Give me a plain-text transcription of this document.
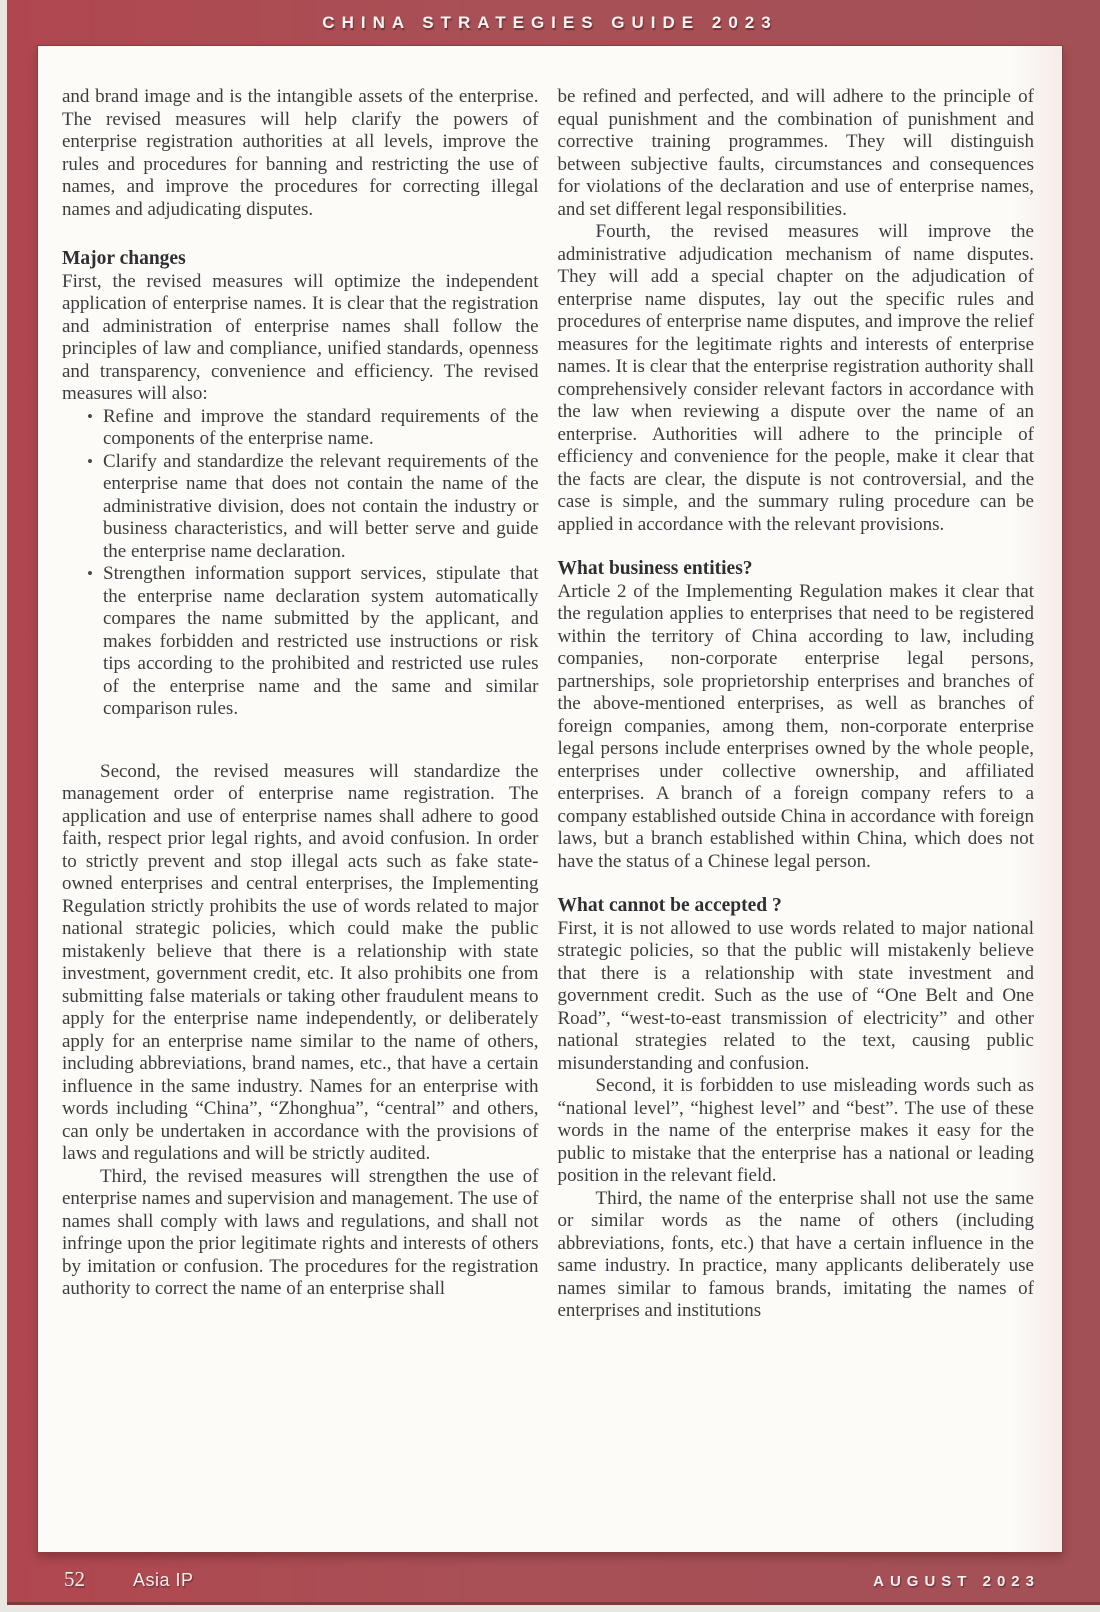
CHINA STRATEGIES GUIDE 2023

and brand image and is the intangible assets of the enterprise. The revised measures will help clarify the powers of enterprise registration authorities at all levels, improve the rules and procedures for banning and restricting the use of names, and improve the procedures for correcting illegal names and adjudicating disputes.

Major changes

First, the revised measures will optimize the independent application of enterprise names. It is clear that the registration and administration of enterprise names shall follow the principles of law and compliance, unified standards, openness and transparency, convenience and efficiency. The revised measures will also:

• Refine and improve the standard requirements of the components of the enterprise name.
• Clarify and standardize the relevant requirements of the enterprise name that does not contain the name of the administrative division, does not contain the industry or business characteristics, and will better serve and guide the enterprise name declaration.
• Strengthen information support services, stipulate that the enterprise name declaration system automatically compares the name submitted by the applicant, and makes forbidden and restricted use instructions or risk tips according to the prohibited and restricted use rules of the enterprise name and the same and similar comparison rules.

Second, the revised measures will standardize the management order of enterprise name registration. The application and use of enterprise names shall adhere to good faith, respect prior legal rights, and avoid confusion. In order to strictly prevent and stop illegal acts such as fake state-owned enterprises and central enterprises, the Implementing Regulation strictly prohibits the use of words related to major national strategic policies, which could make the public mistakenly believe that there is a relationship with state investment, government credit, etc. It also prohibits one from submitting false materials or taking other fraudulent means to apply for the enterprise name independently, or deliberately apply for an enterprise name similar to the name of others, including abbreviations, brand names, etc., that have a certain influence in the same industry. Names for an enterprise with words including “China”, “Zhonghua”, “central” and others, can only be undertaken in accordance with the provisions of laws and regulations and will be strictly audited.

Third, the revised measures will strengthen the use of enterprise names and supervision and management. The use of names shall comply with laws and regulations, and shall not infringe upon the prior legitimate rights and interests of others by imitation or confusion. The procedures for the registration authority to correct the name of an enterprise shall

be refined and perfected, and will adhere to the principle of equal punishment and the combination of punishment and corrective training programmes. They will distinguish between subjective faults, circumstances and consequences for violations of the declaration and use of enterprise names, and set different legal responsibilities.

Fourth, the revised measures will improve the administrative adjudication mechanism of name disputes. They will add a special chapter on the adjudication of enterprise name disputes, lay out the specific rules and procedures of enterprise name disputes, and improve the relief measures for the legitimate rights and interests of enterprise names. It is clear that the enterprise registration authority shall comprehensively consider relevant factors in accordance with the law when reviewing a dispute over the name of an enterprise. Authorities will adhere to the principle of efficiency and convenience for the people, make it clear that the facts are clear, the dispute is not controversial, and the case is simple, and the summary ruling procedure can be applied in accordance with the relevant provisions.

What business entities?

Article 2 of the Implementing Regulation makes it clear that the regulation applies to enterprises that need to be registered within the territory of China according to law, including companies, non-corporate enterprise legal persons, partnerships, sole proprietorship enterprises and branches of the above-mentioned enterprises, as well as branches of foreign companies, among them, non-corporate enterprise legal persons include enterprises owned by the whole people, enterprises under collective ownership, and affiliated enterprises. A branch of a foreign company refers to a company established outside China in accordance with foreign laws, but a branch established within China, which does not have the status of a Chinese legal person.

What cannot be accepted ?

First, it is not allowed to use words related to major national strategic policies, so that the public will mistakenly believe that there is a relationship with state investment and government credit. Such as the use of “One Belt and One Road”, “west-to-east transmission of electricity” and other national strategies related to the text, causing public misunderstanding and confusion.

Second, it is forbidden to use misleading words such as “national level”, “highest level” and “best”. The use of these words in the name of the enterprise makes it easy for the public to mistake that the enterprise has a national or leading position in the relevant field.

Third, the name of the enterprise shall not use the same or similar words as the name of others (including abbreviations, fonts, etc.) that have a certain influence in the same industry. In practice, many applicants deliberately use names similar to famous brands, imitating the names of enterprises and institutions

52	Asia IP	AUGUST 2023
